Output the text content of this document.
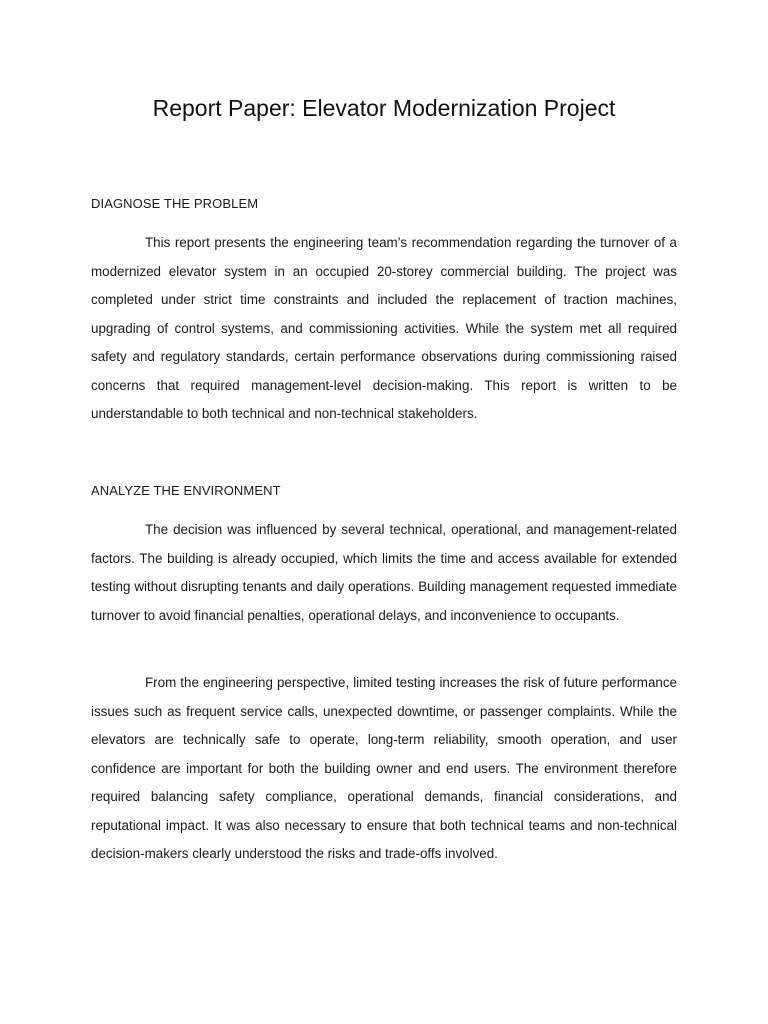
Report Paper: Elevator Modernization Project
DIAGNOSE THE PROBLEM

This report presents the engineering team’s recommendation regarding the turnover of a modernized elevator system in an occupied 20-storey commercial building. The project was completed under strict time constraints and included the replacement of traction machines, upgrading of control systems, and commissioning activities. While the system met all required safety and regulatory standards, certain performance observations during commissioning raised concerns that required management-level decision-making. This report is written to be understandable to both technical and non-technical stakeholders.

ANALYZE THE ENVIRONMENT

The decision was influenced by several technical, operational, and management-related factors. The building is already occupied, which limits the time and access available for extended testing without disrupting tenants and daily operations. Building management requested immediate turnover to avoid financial penalties, operational delays, and inconvenience to occupants.

From the engineering perspective, limited testing increases the risk of future performance issues such as frequent service calls, unexpected downtime, or passenger complaints. While the elevators are technically safe to operate, long-term reliability, smooth operation, and user confidence are important for both the building owner and end users. The environment therefore required balancing safety compliance, operational demands, financial considerations, and reputational impact. It was also necessary to ensure that both technical teams and non-technical decision-makers clearly understood the risks and trade-offs involved.
